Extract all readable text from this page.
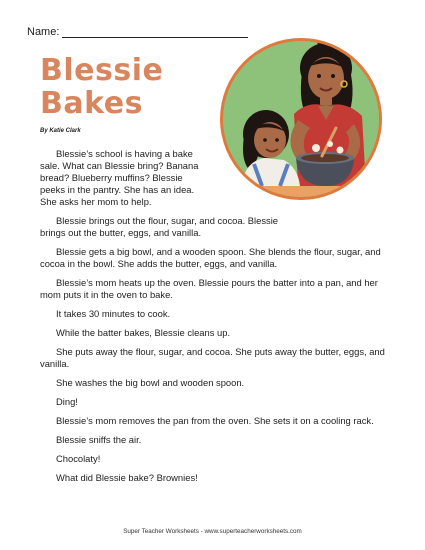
Name:
Blessie
Bakes
By Katie Clark

Blessie’s school is having a bake sale. What can Blessie bring? Banana bread? Blueberry muffins? Blessie peeks in the pantry. She has an idea. She asks her mom to help.

Blessie brings out the flour, sugar, and cocoa. Blessie brings out the butter, eggs, and vanilla.

Blessie gets a big bowl, and a wooden spoon. She blends the flour, sugar, and cocoa in the bowl. She adds the butter, eggs, and vanilla.

Blessie’s mom heats up the oven. Blessie pours the batter into a pan, and her mom puts it in the oven to bake.

It takes 30 minutes to cook.

While the batter bakes, Blessie cleans up.

She puts away the flour, sugar, and cocoa. She puts away the butter, eggs, and vanilla.

She washes the big bowl and wooden spoon.

Ding!

Blessie’s mom removes the pan from the oven. She sets it on a cooling rack.

Blessie sniffs the air.

Chocolaty!

What did Blessie bake? Brownies!

Super Teacher Worksheets - www.superteacherworksheets.com
